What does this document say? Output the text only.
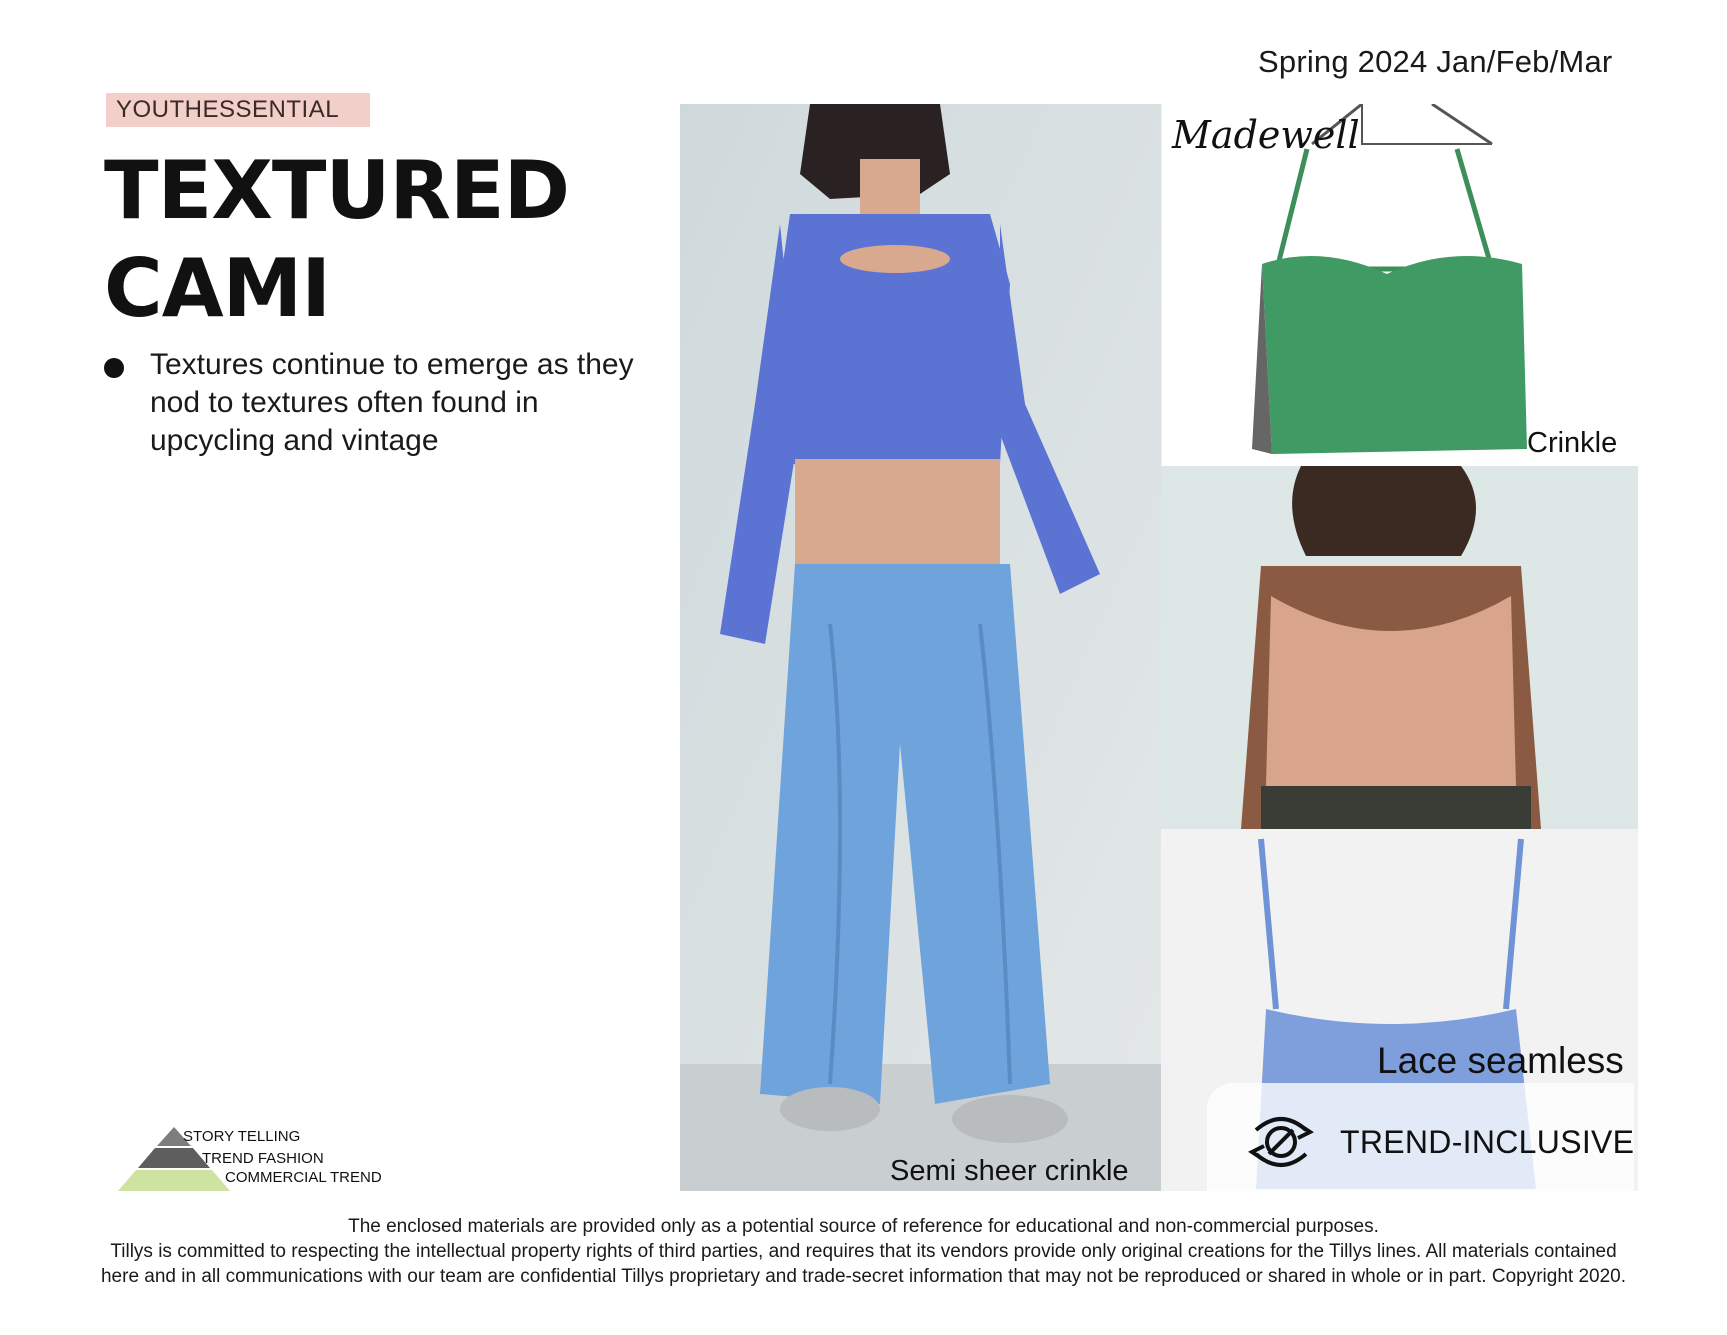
Spring 2024 Jan/Feb/Mar
YOUTHESSENTIAL
TEXTURED
CAMI
Textures continue to emerge as they nod to textures often found in upcycling and vintage
Semi sheer crinkle
Madewell
Crinkle
Lace seamless
TREND-INCLUSIVE
STORY TELLING
TREND FASHION
COMMERCIAL TREND
The enclosed materials are provided only as a potential source of reference for educational and non-commercial purposes.
Tillys is committed to respecting the intellectual property rights of third parties, and requires that its vendors provide only original creations for the Tillys lines. All materials contained
here and in all communications with our team are confidential Tillys proprietary and trade-secret information that may not be reproduced or shared in whole or in part. Copyright 2020.
